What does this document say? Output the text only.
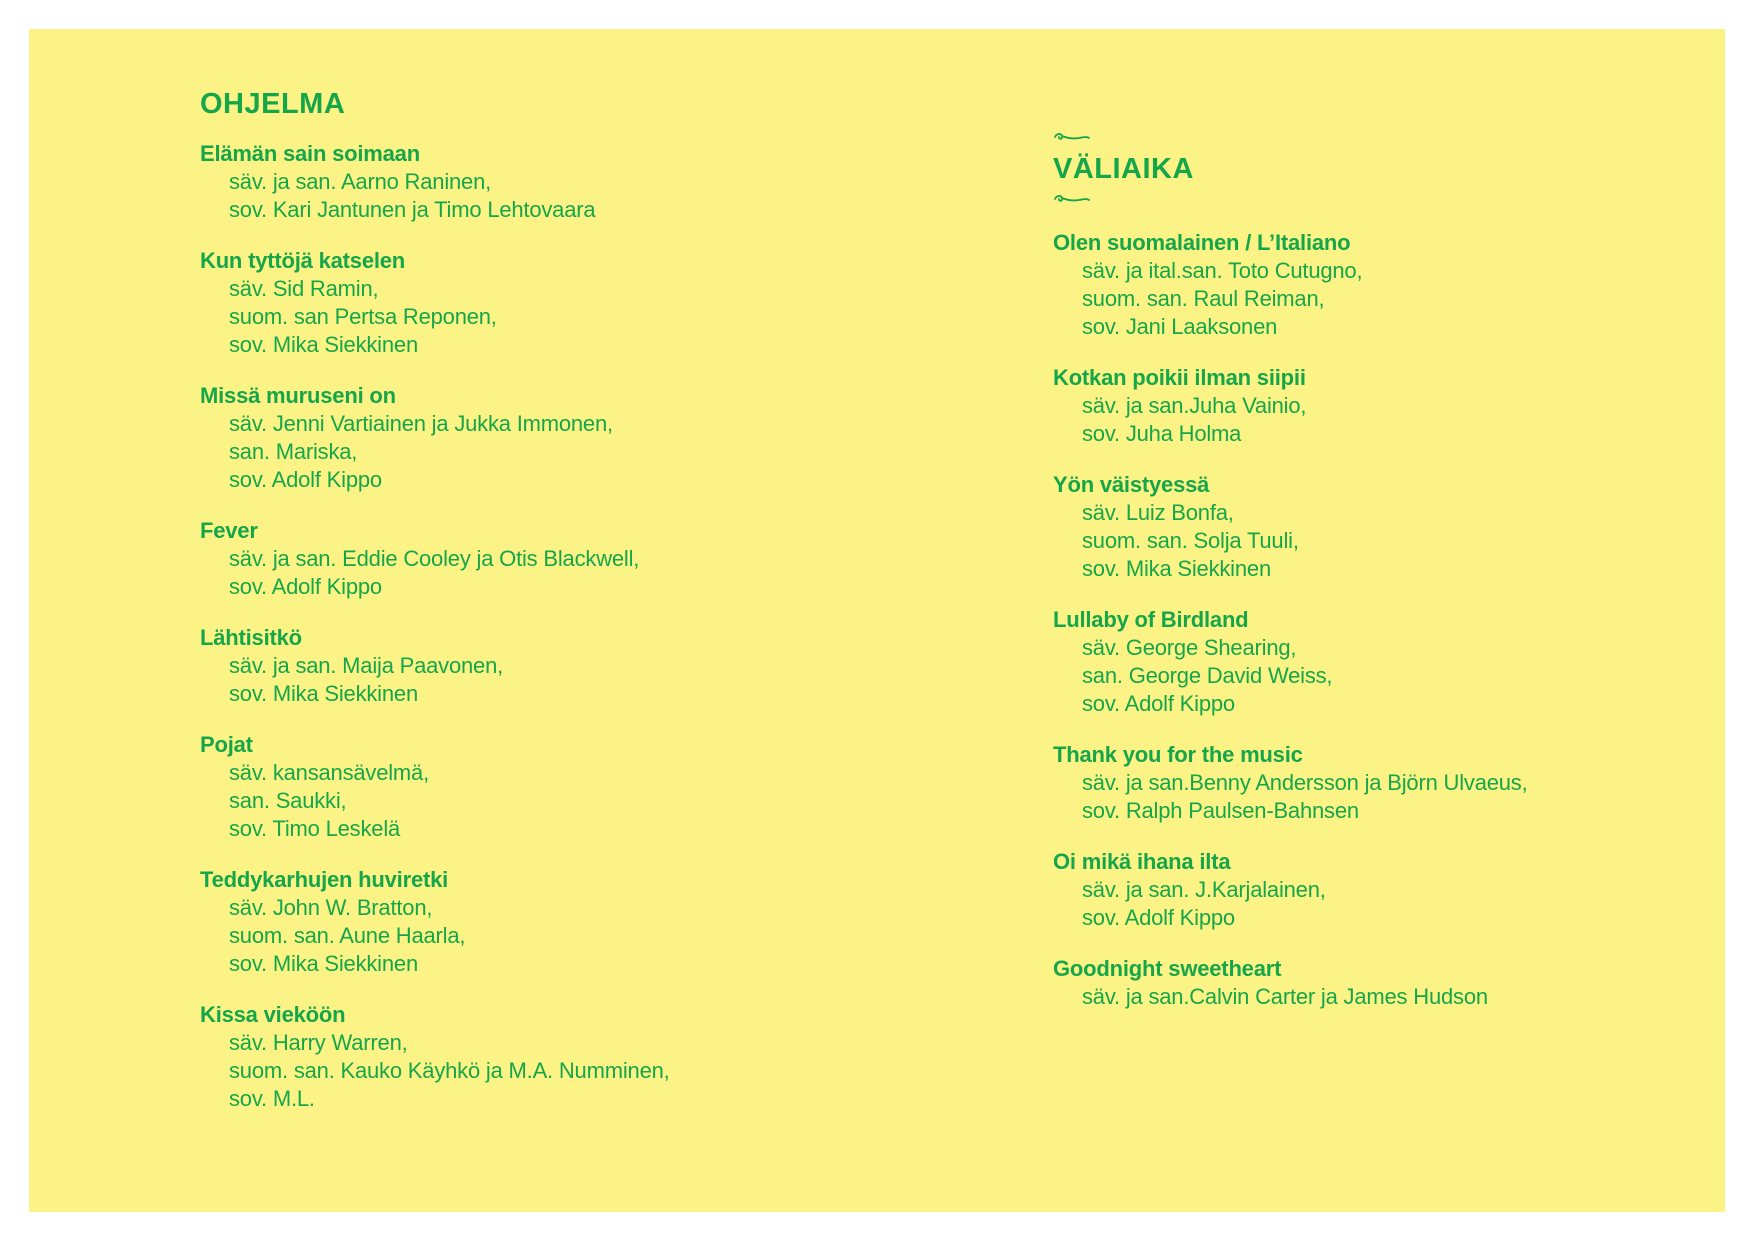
OHJELMA
Elämän sain soimaan
säv. ja san. Aarno Raninen,
sov. Kari Jantunen ja Timo Lehtovaara
Kun tyttöjä katselen
säv. Sid Ramin,
suom. san Pertsa Reponen,
sov. Mika Siekkinen
Missä muruseni on
säv. Jenni Vartiainen ja Jukka Immonen,
san. Mariska,
sov. Adolf Kippo
Fever
säv. ja san. Eddie Cooley ja Otis Blackwell,
sov. Adolf Kippo
Lähtisitkö
säv. ja san. Maija Paavonen,
sov. Mika Siekkinen
Pojat
säv. kansansävelmä,
san. Saukki,
sov. Timo Leskelä
Teddykarhujen huviretki
säv. John W. Bratton,
suom. san. Aune Haarla,
sov. Mika Siekkinen
Kissa vieköön
säv. Harry Warren,
suom. san. Kauko Käyhkö ja M.A. Numminen,
sov. M.L.
VÄLIAIKA
Olen suomalainen / L’Italiano
säv. ja ital.san. Toto Cutugno,
suom. san. Raul Reiman,
sov. Jani Laaksonen
Kotkan poikii ilman siipii
säv. ja san.Juha Vainio,
sov. Juha Holma
Yön väistyessä
säv. Luiz Bonfa,
suom. san. Solja Tuuli,
sov. Mika Siekkinen
Lullaby of Birdland
säv. George Shearing,
san. George David Weiss,
sov. Adolf Kippo
Thank you for the music
säv. ja san.Benny Andersson ja Björn Ulvaeus,
sov. Ralph Paulsen-Bahnsen
Oi mikä ihana ilta
säv. ja san. J.Karjalainen,
sov. Adolf Kippo
Goodnight sweetheart
säv. ja san.Calvin Carter ja James Hudson
